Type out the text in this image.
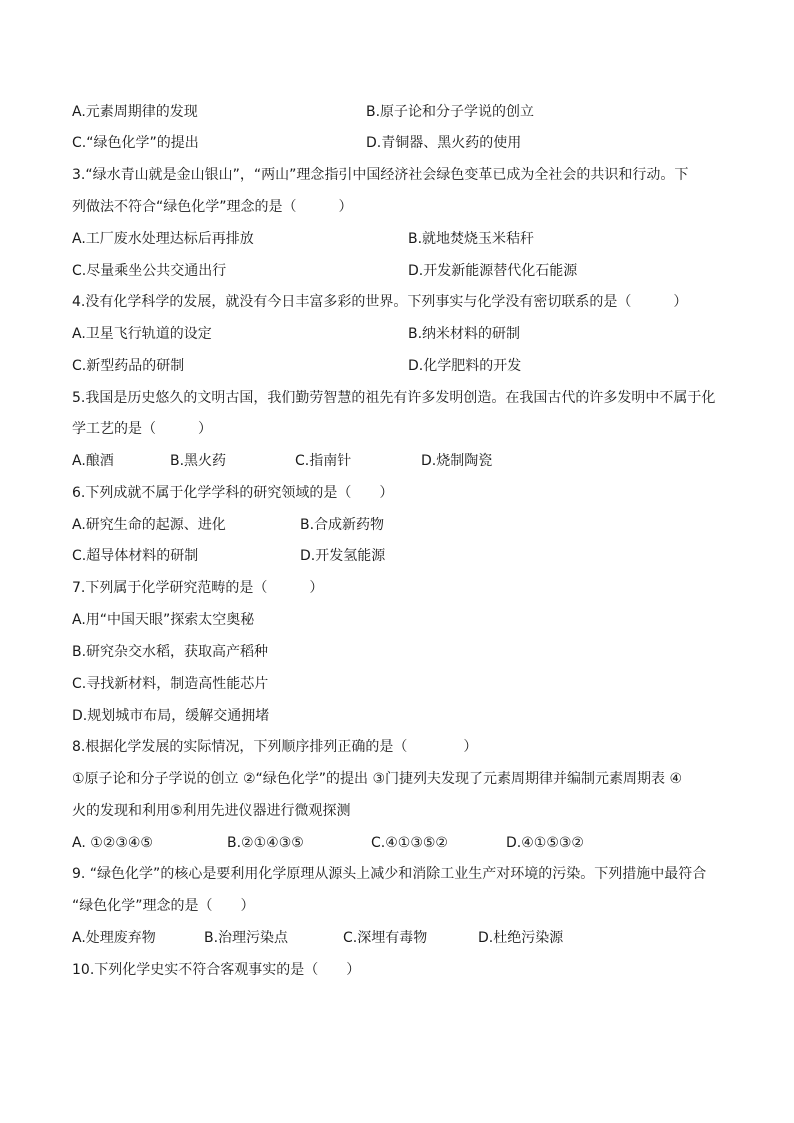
A.元素周期律的发现	B.原子论和分子学说的创立
C.“绿色化学”的提出	D.青铜器、黑火药的使用
3.“绿水青山就是金山银山”，“两山”理念指引中国经济社会绿色变革已成为全社会的共识和行动。下
列做法不符合“绿色化学”理念的是（　　　）
A.工厂废水处理达标后再排放	B.就地焚烧玉米秸秆
C.尽量乘坐公共交通出行	D.开发新能源替代化石能源
4.没有化学科学的发展，就没有今日丰富多彩的世界。下列事实与化学没有密切联系的是（　　　）
A.卫星飞行轨道的设定	B.纳米材料的研制
C.新型药品的研制	D.化学肥料的开发
5.我国是历史悠久的文明古国，我们勤劳智慧的祖先有许多发明创造。在我国古代的许多发明中不属于化
学工艺的是（　　　）
A.酿酒	B.黑火药	C.指南针	D.烧制陶瓷
6.下列成就不属于化学学科的研究领域的是（　　）
A.研究生命的起源、进化	B.合成新药物
C.超导体材料的研制	D.开发氢能源
7.下列属于化学研究范畴的是（　　　）
A.用“中国天眼”探索太空奥秘
B.研究杂交水稻，获取高产稻种
C.寻找新材料，制造高性能芯片
D.规划城市布局，缓解交通拥堵
8.根据化学发展的实际情况，下列顺序排列正确的是（　　　　）
①原子论和分子学说的创立 ②“绿色化学”的提出 ③门捷列夫发现了元素周期律并编制元素周期表 ④
火的发现和利用⑤利用先进仪器进行微观探测
A. ①②③④⑤	B.②①④③⑤	C.④①③⑤②	D.④①⑤③②
9. “绿色化学”的核心是要利用化学原理从源头上减少和消除工业生产对环境的污染。下列措施中最符合
“绿色化学”理念的是（　　）
A.处理废弃物	B.治理污染点	C.深埋有毒物	D.杜绝污染源
10.下列化学史实不符合客观事实的是（　　）
